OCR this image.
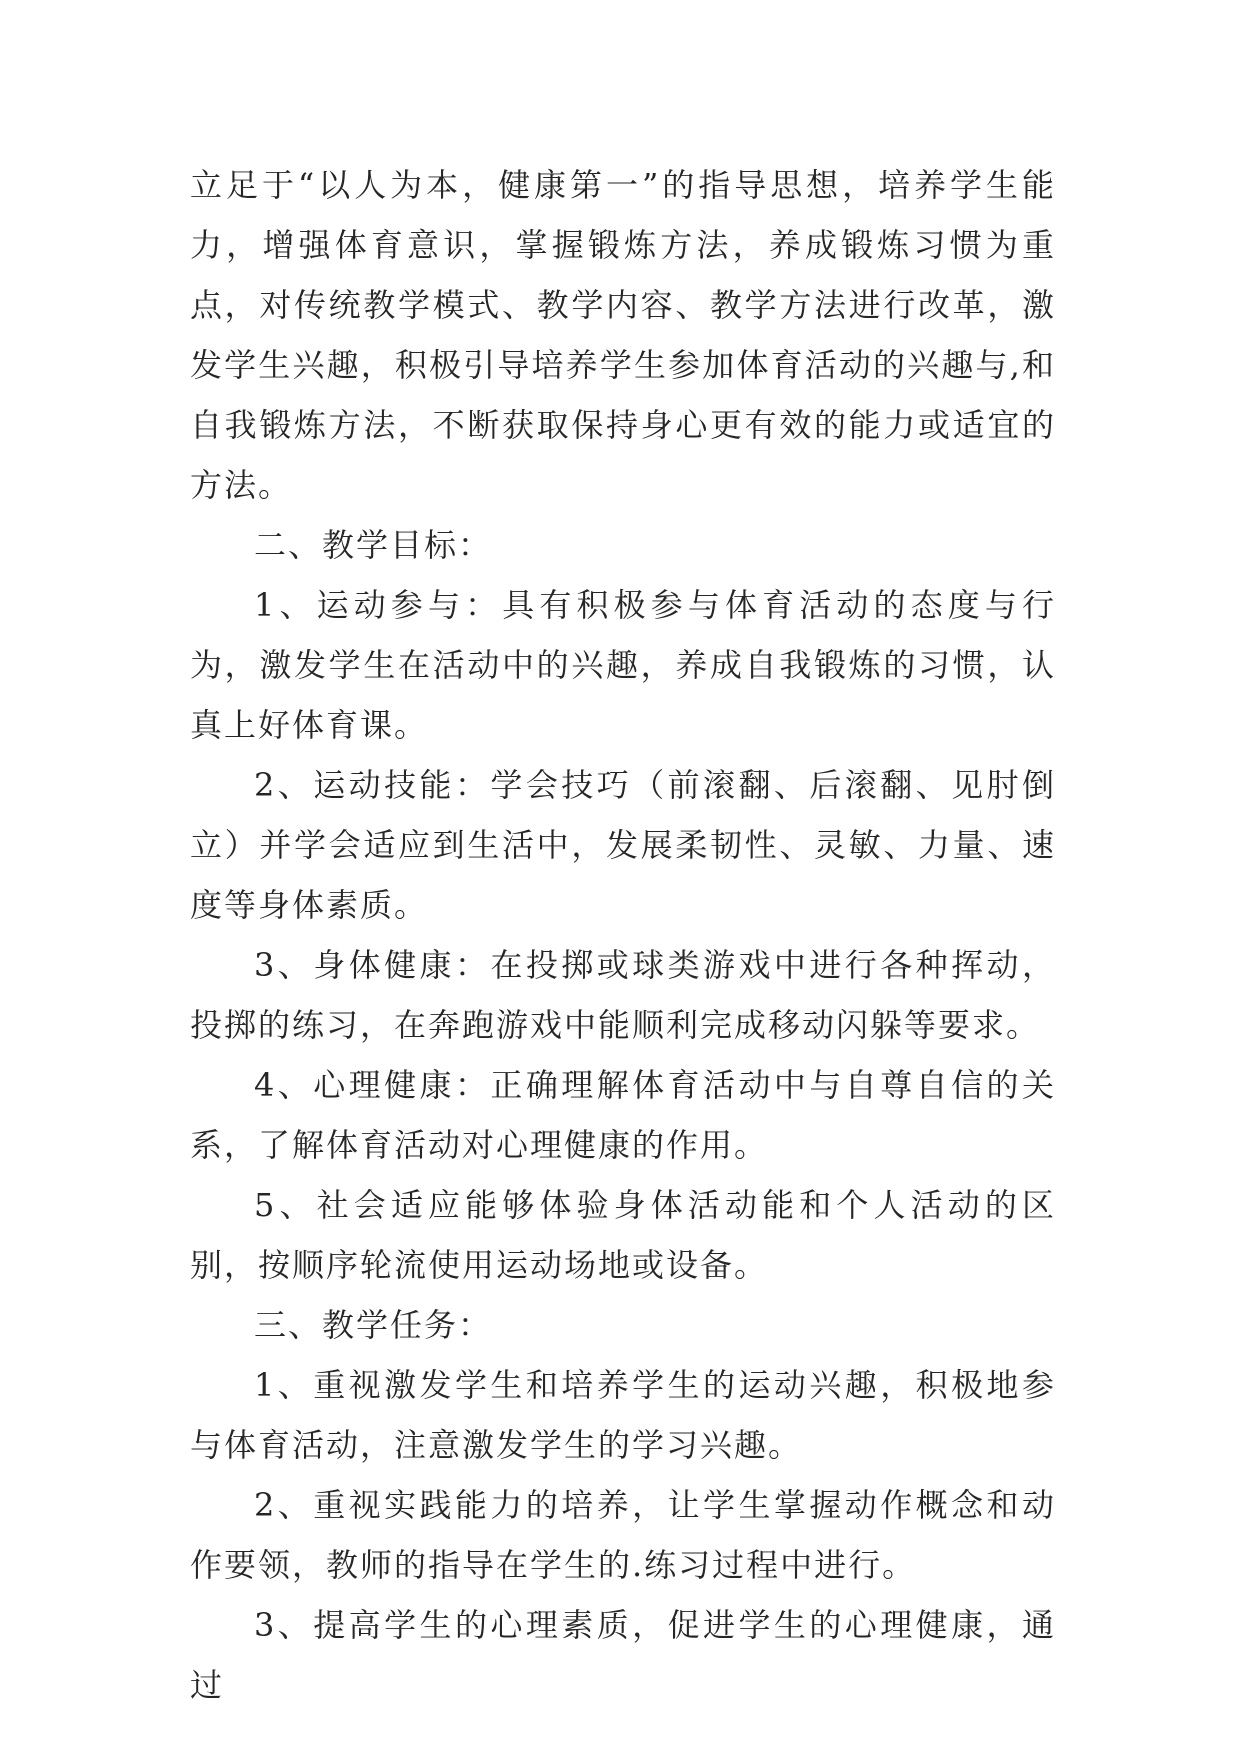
立足于“以人为本，健康第一”的指导思想，培养学生能力，增强体育意识，掌握锻炼方法，养成锻炼习惯为重点，对传统教学模式、教学内容、教学方法进行改革，激发学生兴趣，积极引导培养学生参加体育活动的兴趣与,和自我锻炼方法，不断获取保持身心更有效的能力或适宜的方法。

二、教学目标：

1、运动参与：具有积极参与体育活动的态度与行为，激发学生在活动中的兴趣，养成自我锻炼的习惯，认真上好体育课。

2、运动技能：学会技巧（前滚翻、后滚翻、见肘倒立）并学会适应到生活中，发展柔韧性、灵敏、力量、速度等身体素质。

3、身体健康：在投掷或球类游戏中进行各种挥动，投掷的练习，在奔跑游戏中能顺利完成移动闪躲等要求。

4、心理健康：正确理解体育活动中与自尊自信的关系，了解体育活动对心理健康的作用。

5、社会适应能够体验身体活动能和个人活动的区别，按顺序轮流使用运动场地或设备。

三、教学任务：

1、重视激发学生和培养学生的运动兴趣，积极地参与体育活动，注意激发学生的学习兴趣。

2、重视实践能力的培养，让学生掌握动作概念和动作要领，教师的指导在学生的.练习过程中进行。

3、提高学生的心理素质，促进学生的心理健康，通过
